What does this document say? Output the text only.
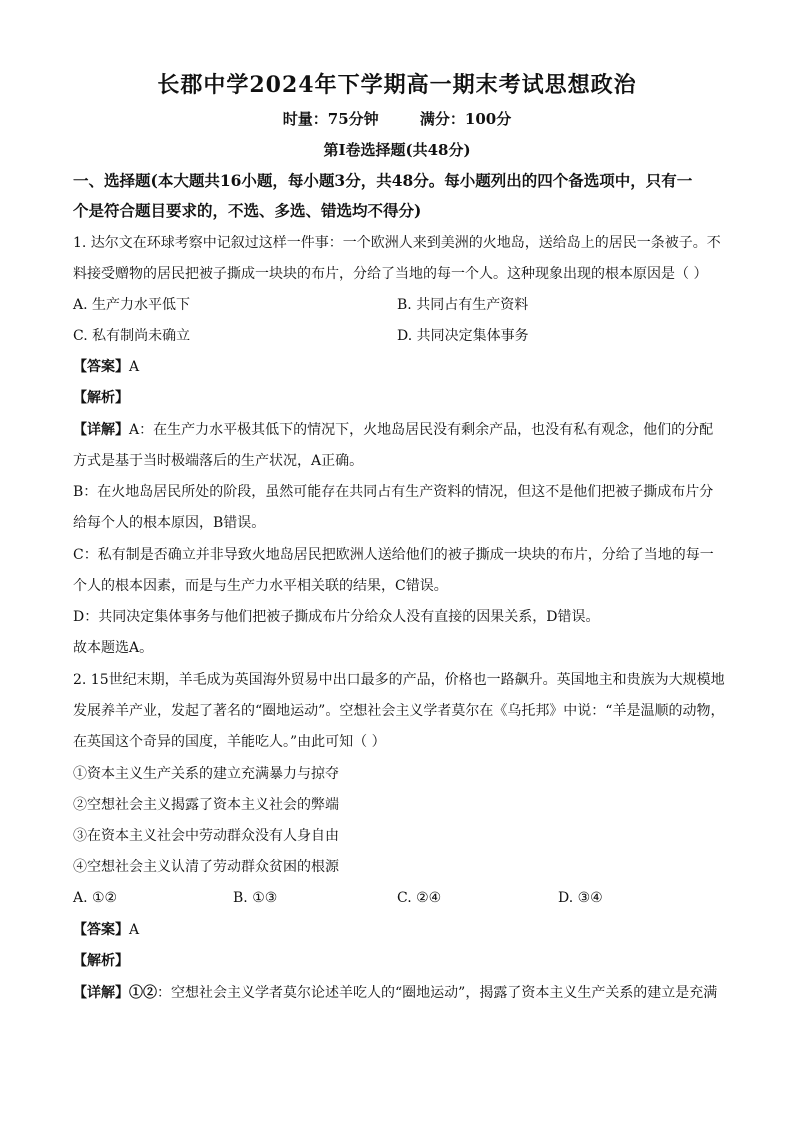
长郡中学2024年下学期高一期末考试思想政治
时量：75分钟	满分：100分
第Ⅰ卷选择题(共48分)
一、选择题(本大题共16小题，每小题3分，共48分。每小题列出的四个备选项中，只有一
个是符合题目要求的，不选、多选、错选均不得分)
1. 达尔文在环球考察中记叙过这样一件事：一个欧洲人来到美洲的火地岛，送给岛上的居民一条被子。不
料接受赠物的居民把被子撕成一块块的布片，分给了当地的每一个人。这种现象出现的根本原因是（ ）
A. 生产力水平低下	B. 共同占有生产资料
C. 私有制尚未确立	D. 共同决定集体事务
【答案】A
【解析】
【详解】A：在生产力水平极其低下的情况下，火地岛居民没有剩余产品，也没有私有观念，他们的分配
方式是基于当时极端落后的生产状况，A正确。
B：在火地岛居民所处的阶段，虽然可能存在共同占有生产资料的情况，但这不是他们把被子撕成布片分
给每个人的根本原因，B错误。
C：私有制是否确立并非导致火地岛居民把欧洲人送给他们的被子撕成一块块的布片，分给了当地的每一
个人的根本因素，而是与生产力水平相关联的结果，C错误。
D：共同决定集体事务与他们把被子撕成布片分给众人没有直接的因果关系，D错误。
故本题选A。
2. 15世纪末期，羊毛成为英国海外贸易中出口最多的产品，价格也一路飙升。英国地主和贵族为大规模地
发展养羊产业，发起了著名的“圈地运动”。空想社会主义学者莫尔在《乌托邦》中说：“羊是温顺的动物，
在英国这个奇异的国度，羊能吃人。”由此可知（ ）
①资本主义生产关系的建立充满暴力与掠夺
②空想社会主义揭露了资本主义社会的弊端
③在资本主义社会中劳动群众没有人身自由
④空想社会主义认清了劳动群众贫困的根源
A. ①②	B. ①③	C. ②④	D. ③④
【答案】A
【解析】
【详解】①②：空想社会主义学者莫尔论述羊吃人的“圈地运动”，揭露了资本主义生产关系的建立是充满
